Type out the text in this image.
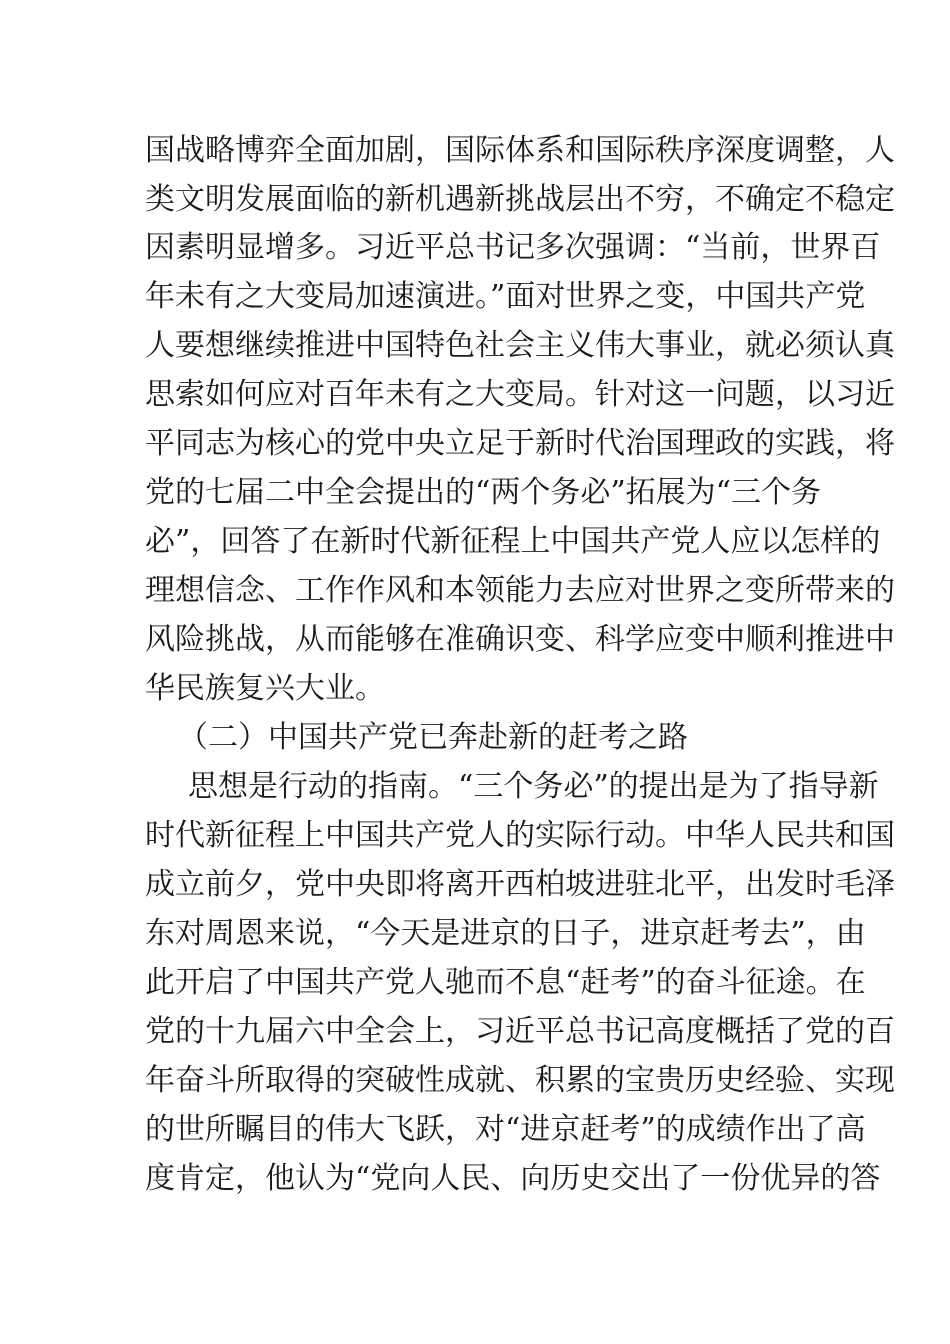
国战略博弈全面加剧，国际体系和国际秩序深度调整，人
类文明发展面临的新机遇新挑战层出不穷，不确定不稳定
因素明显增多。习近平总书记多次强调：“当前，世界百
年未有之大变局加速演进。”面对世界之变，中国共产党
人要想继续推进中国特色社会主义伟大事业，就必须认真
思索如何应对百年未有之大变局。针对这一问题，以习近
平同志为核心的党中央立足于新时代治国理政的实践，将
党的七届二中全会提出的“两个务必”拓展为“三个务
必”，回答了在新时代新征程上中国共产党人应以怎样的
理想信念、工作作风和本领能力去应对世界之变所带来的
风险挑战，从而能够在准确识变、科学应变中顺利推进中
华民族复兴大业。
（二）中国共产党已奔赴新的赶考之路
思想是行动的指南。“三个务必”的提出是为了指导新
时代新征程上中国共产党人的实际行动。中华人民共和国
成立前夕，党中央即将离开西柏坡进驻北平，出发时毛泽
东对周恩来说，“今天是进京的日子，进京赶考去”，由
此开启了中国共产党人驰而不息“赶考”的奋斗征途。在
党的十九届六中全会上，习近平总书记高度概括了党的百
年奋斗所取得的突破性成就、积累的宝贵历史经验、实现
的世所瞩目的伟大飞跃，对“进京赶考”的成绩作出了高
度肯定，他认为“党向人民、向历史交出了一份优异的答
